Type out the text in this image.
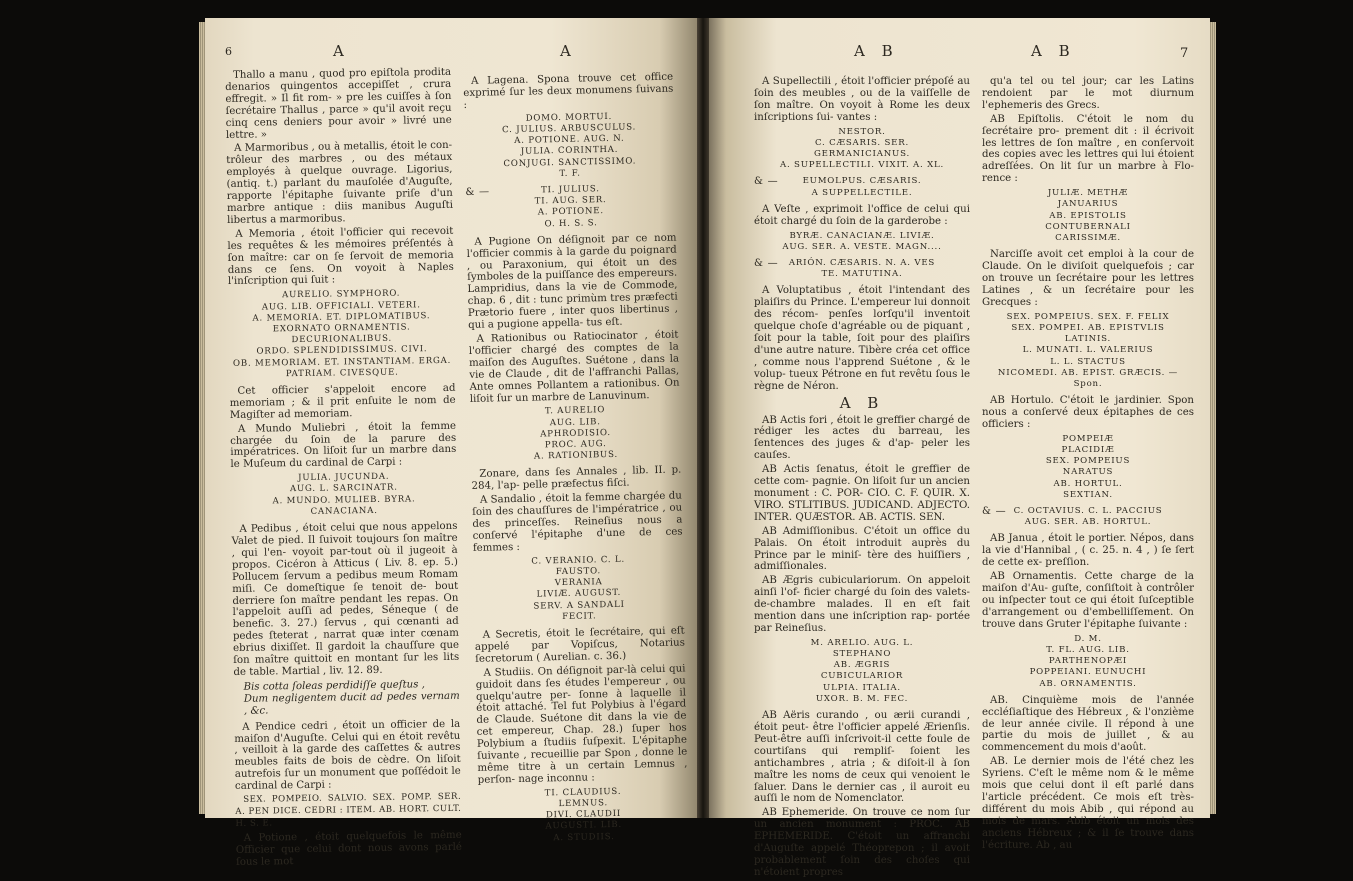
6	A	A

Thallo a manu , quod pro epiſtola prodita denarios quingentos accepiſſet , crura effregit. » Il fit rom- » pre les cuiſſes à ſon ſecrétaire Thallus , parce » qu'il avoit reçu cinq cens deniers pour avoir » livré une lettre. »

A Marmoribus , ou à metallis, étoit le con- trôleur des marbres , ou des métaux employés à quelque ouvrage. Ligorius, (antiq. t.) parlant du mauſolée d'Auguſte, rapporte l'épitaphe ſuivante priſe d'un marbre antique : diis manibus Auguſti libertus a marmoribus.

A Memoria , étoit l'officier qui recevoit les requêtes & les mémoires préſentés à ſon maître: car on ſe ſervoit de memoria dans ce ſens. On voyoit à Naples l'inſcription qui ſuit :

AURELIO. SYMPHORO.
AUG. LIB. OFFICIALI. VETERI.
A. MEMORIA. ET. DIPLOMATIBUS.
EXORNATO ORNAMENTIS. DECURIONALIBUS.
ORDO. SPLENDIDISSIMUS. CIVI.
OB. MEMORIAM. ET. INSTANTIAM. ERGA.
PATRIAM. CIVESQUE.

Cet officier s'appeloit encore ad memoriam ; & il prit enſuite le nom de Magiſter ad memoriam.

A Mundo Muliebri , étoit la femme chargée du ſoin de la parure des impératrices. On liſoit ſur un marbre dans le Muſeum du cardinal de Carpi :

JULIA. JUCUNDA.
AUG. L. SARCINATR.
A. MUNDO. MULIEB. BYRA.
CANACIANA.

A Pedibus , étoit celui que nous appelons Valet de pied. Il ſuivoit toujours ſon maître , qui l'en- voyoit par-tout où il jugeoit à propos. Cicéron à Atticus ( Liv. 8. ep. 5.) Pollucem ſervum a pedibus meum Romam miſi. Ce domeſtique ſe tenoit de- bout derriere ſon maître pendant les repas. On l'appeloit auſſi ad pedes, Séneque ( de benefic. 3. 27.) ſervus , qui cœnanti ad pedes ſteterat , narrat quæ inter cœnam ebrius dixiſſet. Il gardoit la chauſſure que ſon maître quittoit en montant ſur les lits de table. Martial , liv. 12. 89.

Bis cotta ſoleas perdidiſſe queſtus ,
Dum negligentem ducit ad pedes vernam , &c.

A Pendice cedri , étoit un officier de la maiſon d'Auguſte. Celui qui en étoit revêtu , veilloit à la garde des caſſettes & autres meubles faits de bois de cèdre. On liſoit autrefois ſur un monument que poſſédoit le cardinal de Carpi :

SEX. POMPEIO. SALVIO. SEX. POMP. SER. A. PEN DICE. CEDRI : ITEM. AB. HORT. CULT. H. S. E.

A Potione , étoit quelquefois le même Officier que celui dont nous avons parlé ſous le mot

A Lagena. Spona trouve cet office exprimé ſur les deux monumens ſuivans :

DOMO. MORTUI.
C. JULIUS. ARBUSCULUS.
A. POTIONE. AUG. N.
JULIA. CORINTHA.
CONJUGI. SANCTISSIMO.
T. F.
& —	TI. JULIUS.
TI. AUG. SER.
A. POTIONE.
O. H. S. S.

A Pugione On déſignoit par ce nom l'officier commis à la garde du poignard , ou Paraxonium, qui étoit un des ſymboles de la puiſſance des empereurs. Lampridius, dans la vie de Commode, chap. 6 , dit : tunc primùm tres præfecti Prætorio fuere , inter quos libertinus , qui a pugione appella- tus eſt.

A Rationibus ou Ratiocinator , étoit l'officier chargé des comptes de la maiſon des Auguſtes. Suétone , dans la vie de Claude , dit de l'affranchi Pallas, Ante omnes Pollantem a rationibus. On liſoit ſur un marbre de Lanuvinum.

T. AURELIO
AUG. LIB.
APHRODISIO.
PROC. AUG.
A. RATIONIBUS.

Zonare, dans ſes Annales , lib. II. p. 284, l'ap- pelle præfectus fiſci.

A Sandalio , étoit la femme chargée du ſoin des chauſſures de l'impératrice , ou des princeſſes. Reineſius nous a conſervé l'épitaphe d'une de ces femmes :

C. VERANIO. C. L.
FAUSTO.
VERANIA
LIVIÆ. AUGUST.
SERV. A SANDALI
FECIT.

A Secretis, étoit le ſecrétaire, qui eſt appelé par Vopiſcus, Notarius ſecretorum ( Aurelian. c. 36.)

A Studiis. On déſignoit par-là celui qui guidoit dans ſes études l'empereur , ou quelqu'autre per- ſonne à laquelle il étoit attaché. Tel fut Polybius à l'égard de Claude. Suétone dit dans la vie de cet empereur, Chap. 28.) ſuper hos Polybium a ſtudiis ſuſpexit. L'épitaphe ſuivante , recueillie par Spon , donne le même titre à un certain Lemnus , perſon- nage inconnu :

TI. CLAUDIUS.
LEMNUS.
DIVI. CLAUDII
AUGUSTI. LIB.
A. STUDIIS.
A B	A B	7

A Supellectili , étoit l'officier prépoſé au ſoin des meubles , ou de la vaiſſelle de ſon maître. On voyoit à Rome les deux inſcriptions ſui- vantes :

NESTOR.
C. CÆSARIS. SER.
GERMANICIANUS.
A. SUPELLECTILI. VIXIT. A. XL.
& —	EUMOLPUS. CÆSARIS.
A SUPPELLECTILE.

A Veſte , exprimoit l'office de celui qui étoit chargé du ſoin de la garderobe :

BYRÆ. CANACIANÆ. LIVIÆ.
AUG. SER. A. VESTE. MAGN....
& —	ARIÓN. CÆSARIS. N. A. VES
TE. MATUTINA.

A Voluptatibus , étoit l'intendant des plaiſirs du Prince. L'empereur lui donnoit des récom- penſes lorſqu'il inventoit quelque choſe d'agréable ou de piquant , ſoit pour la table, ſoit pour des plaiſirs d'une autre nature. Tibère créa cet office , comme nous l'apprend Suétone , & le volup- tueux Pétrone en fut revêtu ſous le règne de Néron.

A B

AB Actis fori , étoit le greffier chargé de rédiger les actes du barreau, les ſentences des juges & d'ap- peler les cauſes.

AB Actis ſenatus, étoit le greffier de cette com- pagnie. On liſoit ſur un ancien monument : C. POR- CIO. C. F. QUIR. X. VIRO. STLITIBUS. JUDICAND. ADJECTO. INTER. QUÆSTOR. AB. ACTIS. SEN.

AB Admiſſionibus. C'étoit un office du Palais. On étoit introduit auprès du Prince par le miniſ- tère des huiſſiers , admiſſionales.

AB Ægris cubiculariorum. On appeloit ainſi l'of- ficier chargé du ſoin des valets-de-chambre malades. Il en eſt fait mention dans une inſcription rap- portée par Reineſius.

M. ARELIO. AUG. L.
STEPHANO
AB. ÆGRIS
CUBICULARIOR
ULPIA. ITALIA.
UXOR. B. M. FEC.

AB Aëris curando , ou ærii curandi , étoit peut- être l'officier appelé Ærienſis. Peut-être auſſi inſcrivoit-il cette foule de courtiſans qui rempliſ- ſoient les antichambres , atria ; & diſoit-il à ſon maître les noms de ceux qui venoient le ſaluer. Dans le dernier cas , il auroit eu auſſi le nom de Nomenclator.

AB Ephemeride. On trouve ce nom ſur un ancien monument : PROC. AB EPHEMERIDE. C'étoit un affranchi d'Auguſte appelé Théoprepon ; il avoit probablement ſoin des choſes qui n'étoient propres

qu'a tel ou tel jour; car les Latins rendoient par le mot diurnum l'ephemeris des Grecs.

AB Epiſtolis. C'étoit le nom du ſecrétaire pro- prement dit : il écrivoit les lettres de ſon maître , en conſervoit des copies avec les lettres qui lui étoient adreſſées. On lit ſur un marbre à Flo- rence :

JULIÆ. METHÆ
JANUARIUS
AB. EPISTOLIS
CONTUBERNALI
CARISSIMÆ.

Narciſſe avoit cet emploi à la cour de Claude. On le diviſoit quelquefois ; car on trouve un ſecrétaire pour les lettres Latines , & un ſecrétaire pour les Grecques :

SEX. POMPEIUS. SEX. F. FELIX
SEX. POMPEI. AB. EPISTVLIS
LATINIS.
L. MUNATI. L. VALERIUS
L. L. STACTUS
NICOMEDI. AB. EPIST. GRÆCIS. — Spon.

AB Hortulo. C'étoit le jardinier. Spon nous a conſervé deux épitaphes de ces officiers :

POMPEIÆ
PLACIDIÆ
SEX. POMPEIUS
NARATUS
AB. HORTUL.
SEXTIAN.
& — C. OCTAVIUS. C. L. PACCIUS
AUG. SER. AB. HORTUL.

AB Janua , étoit le portier. Népos, dans la vie d'Hannibal , ( c. 25. n. 4 , ) ſe ſert de cette ex- preſſion.

AB Ornamentis. Cette charge de la maiſon d'Au- guſte, conſiſtoit à contrôler ou inſpecter tout ce qui étoit ſuſceptible d'arrangement ou d'embelliſſement. On trouve dans Gruter l'épitaphe ſuivante :

D. M.
T. FL. AUG. LIB.
PARTHENOPÆI
POPPEIANI. EUNUCHI
AB. ORNAMENTIS.

AB. Cinquième mois de l'année eccléſiaſtique des Hébreux , & l'onzième de leur année civile. Il répond à une partie du mois de juillet , & au commencement du mois d'août.

AB. Le dernier mois de l'été chez les Syriens. C'eſt le même nom & le même mois que celui dont il eſt parlé dans l'article précédent. Ce mois eſt très-différent du mois Abib , qui répond au mois de mars. Abib étoit un mois des anciens Hébreux ; & il ſe trouve dans l'écriture. Ab , au
